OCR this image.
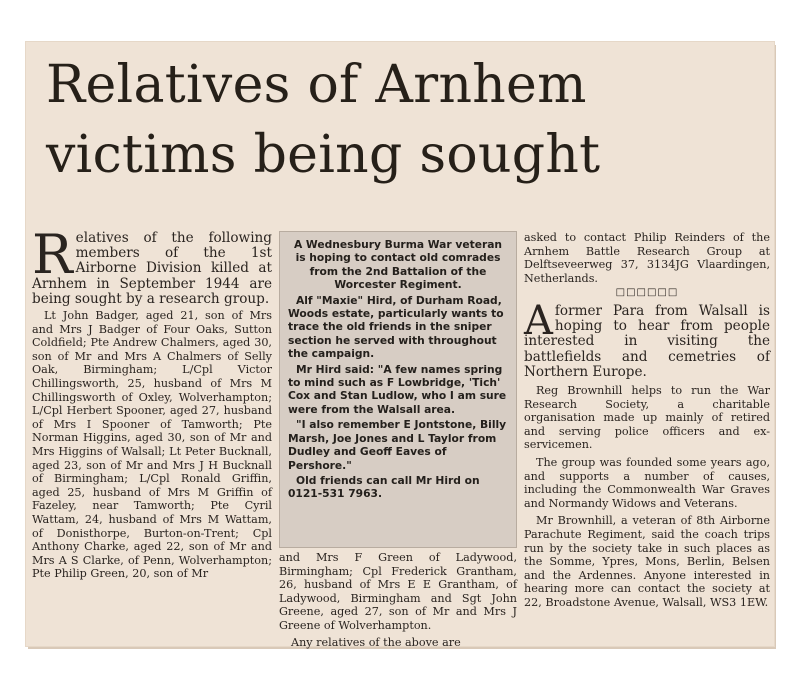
Relatives of Arnhem
victims being sought

Relatives of the following members of the 1st Airborne Division killed at Arnhem in September 1944 are being sought by a research group.

Lt John Badger, aged 21, son of Mrs and Mrs J Badger of Four Oaks, Sutton Coldfield; Pte Andrew Chalmers, aged 30, son of Mr and Mrs A Chalmers of Selly Oak, Birmingham; L/Cpl Victor Chillingsworth, 25, husband of Mrs M Chillingsworth of Oxley, Wolverhampton; L/Cpl Herbert Spooner, aged 27, husband of Mrs I Spooner of Tamworth; Pte Norman Higgins, aged 30, son of Mr and Mrs Higgins of Walsall; Lt Peter Bucknall, aged 23, son of Mr and Mrs J H Bucknall of Birmingham; L/Cpl Ronald Griffin, aged 25, husband of Mrs M Griffin of Fazeley, near Tamworth; Pte Cyril Wattam, 24, husband of Mrs M Wattam, of Donisthorpe, Burton-on-Trent; Cpl Anthony Charke, aged 22, son of Mr and Mrs A S Clarke, of Penn, Wolverhampton; Pte Philip Green, 20, son of Mr

A Wednesbury Burma War veteran is hoping to contact old comrades from the 2nd Battalion of the Worcester Regiment.

Alf "Maxie" Hird, of Durham Road, Woods estate, particularly wants to trace the old friends in the sniper section he served with throughout the campaign.

Mr Hird said: "A few names spring to mind such as F Lowbridge, 'Tich' Cox and Stan Ludlow, who I am sure were from the Walsall area.

"I also remember E Jontstone, Billy Marsh, Joe Jones and L Taylor from Dudley and Geoff Eaves of Pershore."

Old friends can call Mr Hird on 0121-531 7963.

and Mrs F Green of Ladywood, Birmingham; Cpl Frederick Grantham, 26, husband of Mrs E E Grantham, of Ladywood, Birmingham and Sgt John Greene, aged 27, son of Mr and Mrs J Greene of Wolverhampton.

Any relatives of the above are

asked to contact Philip Reinders of the Arnhem Battle Research Group at Delftseveerweg 37, 3134JG Vlaardingen, Netherlands.

□□□□□□

Aformer Para from Walsall is hoping to hear from people interested in visiting the battlefields and cemetries of Northern Europe.

Reg Brownhill helps to run the War Research Society, a charitable organisation made up mainly of retired and serving police officers and ex-servicemen.

The group was founded some years ago, and supports a number of causes, including the Commonwealth War Graves and Normandy Widows and Veterans.

Mr Brownhill, a veteran of 8th Airborne Parachute Regiment, said the coach trips run by the society take in such places as the Somme, Ypres, Mons, Berlin, Belsen and the Ardennes. Anyone interested in hearing more can contact the society at 22, Broadstone Avenue, Walsall, WS3 1EW.
